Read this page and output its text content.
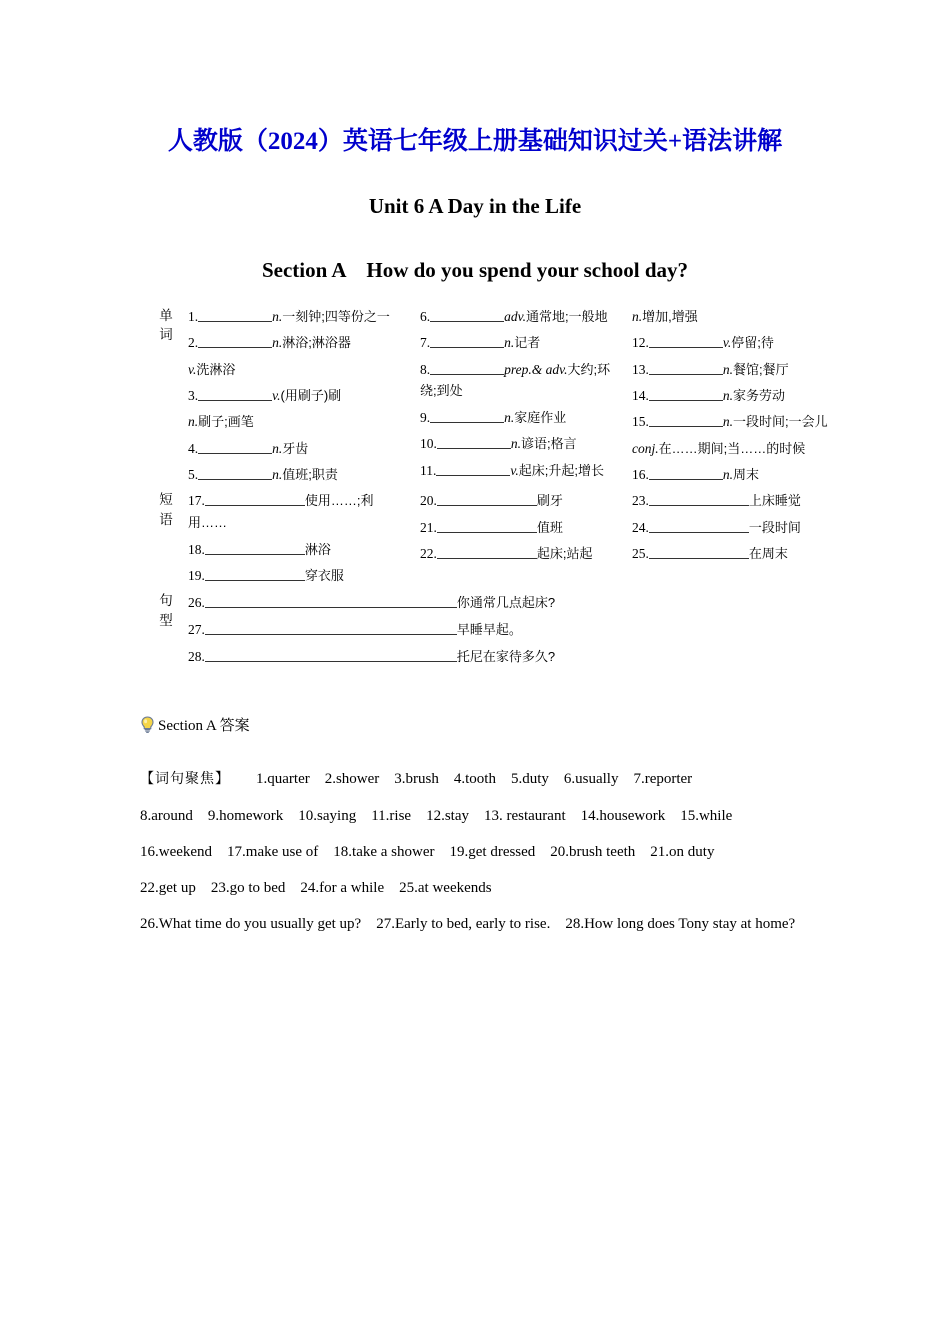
人教版（2024）英语七年级上册基础知识过关+语法讲解
Unit 6 A Day in the Life
Section A　How do you spend your school day?
单
词

1.	n.一刻钟;四等份之一
2.	n.淋浴;淋浴器
v.洗淋浴
3.	v.(用刷子)刷
n.刷子;画笔
4.	n.牙齿
5.	n.值班;职责

6.	adv.通常地;一般地
7.	n.记者
8.	prep.& adv.大约;环绕;到处
9.	n.家庭作业
10.	n.谚语;格言
11.	v.起床;升起;增长

n.增加,增强
12.	v.停留;待
13.	n.餐馆;餐厅
14.	n.家务劳动
15.	n.一段时间;一会儿
conj.在……期间;当……的时候
16.	n.周末

短
语

17.	使用……;利用……
18.	淋浴
19.	穿衣服

20.	刷牙
21.	值班
22.	起床;站起

23.	上床睡觉
24.	一段时间
25.	在周末

句
型

26.	你通常几点起床?
27.	早睡早起。
28.	托尼在家待多久?
Section A 答案
【词句聚焦】 1.quarter　2.shower　3.brush　4.tooth　5.duty　6.usually　7.reporter
8.around　9.homework　10.saying　11.rise　12.stay　13. restaurant　14.housework　15.while
16.weekend　17.make use of　18.take a shower　19.get dressed　20.brush teeth　21.on duty
22.get up　23.go to bed　24.for a while　25.at weekends
26.What time do you usually get up?　27.Early to bed, early to rise.　28.How long does Tony stay at home?
